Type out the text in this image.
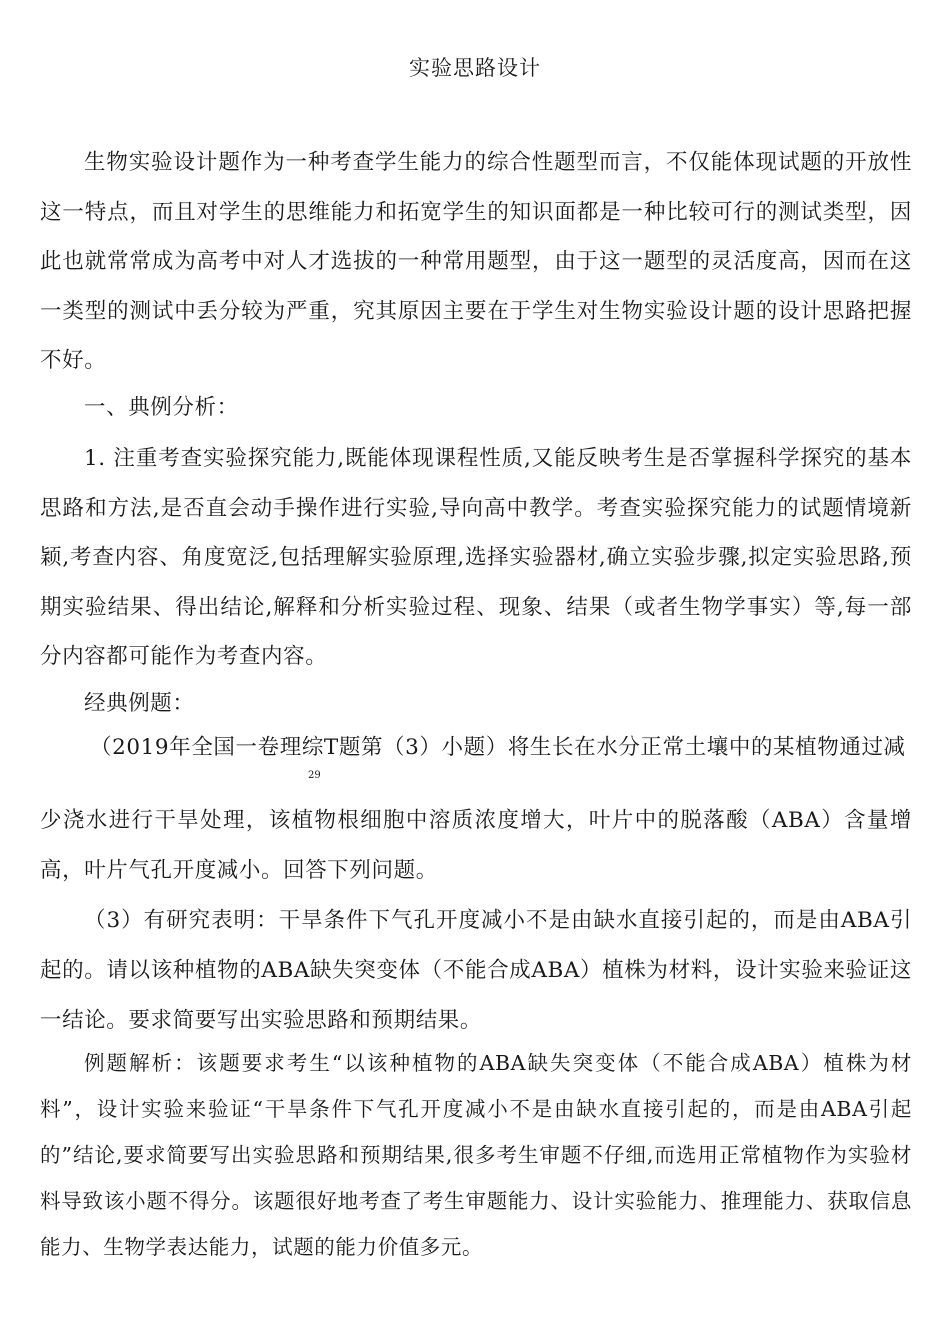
实验思路设计

生物实验设计题作为一种考查学生能力的综合性题型而言，不仅能体现试题的开放性这一特点，而且对学生的思维能力和拓宽学生的知识面都是一种比较可行的测试类型，因此也就常常成为高考中对人才选拔的一种常用题型，由于这一题型的灵活度高，因而在这一类型的测试中丢分较为严重，究其原因主要在于学生对生物实验设计题的设计思路把握不好。

一、典例分析：

1. 注重考查实验探究能力,既能体现课程性质,又能反映考生是否掌握科学探究的基本思路和方法,是否直会动手操作进行实验,导向高中教学。考查实验探究能力的试题情境新颖,考查内容、角度宽泛,包括理解实验原理,选择实验器材,确立实验步骤,拟定实验思路,预期实验结果、得出结论,解释和分析实验过程、现象、结果（或者生物学事实）等,每一部分内容都可能作为考查内容。

经典例题：

（2019年全国一卷理综T题第（3）小题）将生长在水分正常土壤中的某植物通过减

29

少浇水进行干旱处理，该植物根细胞中溶质浓度增大，叶片中的脱落酸（ABA）含量增高，叶片气孔开度减小。回答下列问题。

（3）有研究表明：干旱条件下气孔开度减小不是由缺水直接引起的，而是由ABA引起的。请以该种植物的ABA缺失突变体（不能合成ABA）植株为材料，设计实验来验证这一结论。要求简要写出实验思路和预期结果。

例题解析：该题要求考生“以该种植物的ABA缺失突变体（不能合成ABA）植株为材料”，设计实验来验证“干旱条件下气孔开度减小不是由缺水直接引起的，而是由ABA引起的”结论,要求简要写出实验思路和预期结果,很多考生审题不仔细,而选用正常植物作为实验材料导致该小题不得分。该题很好地考查了考生审题能力、设计实验能力、推理能力、获取信息能力、生物学表达能力，试题的能力价值多元。
